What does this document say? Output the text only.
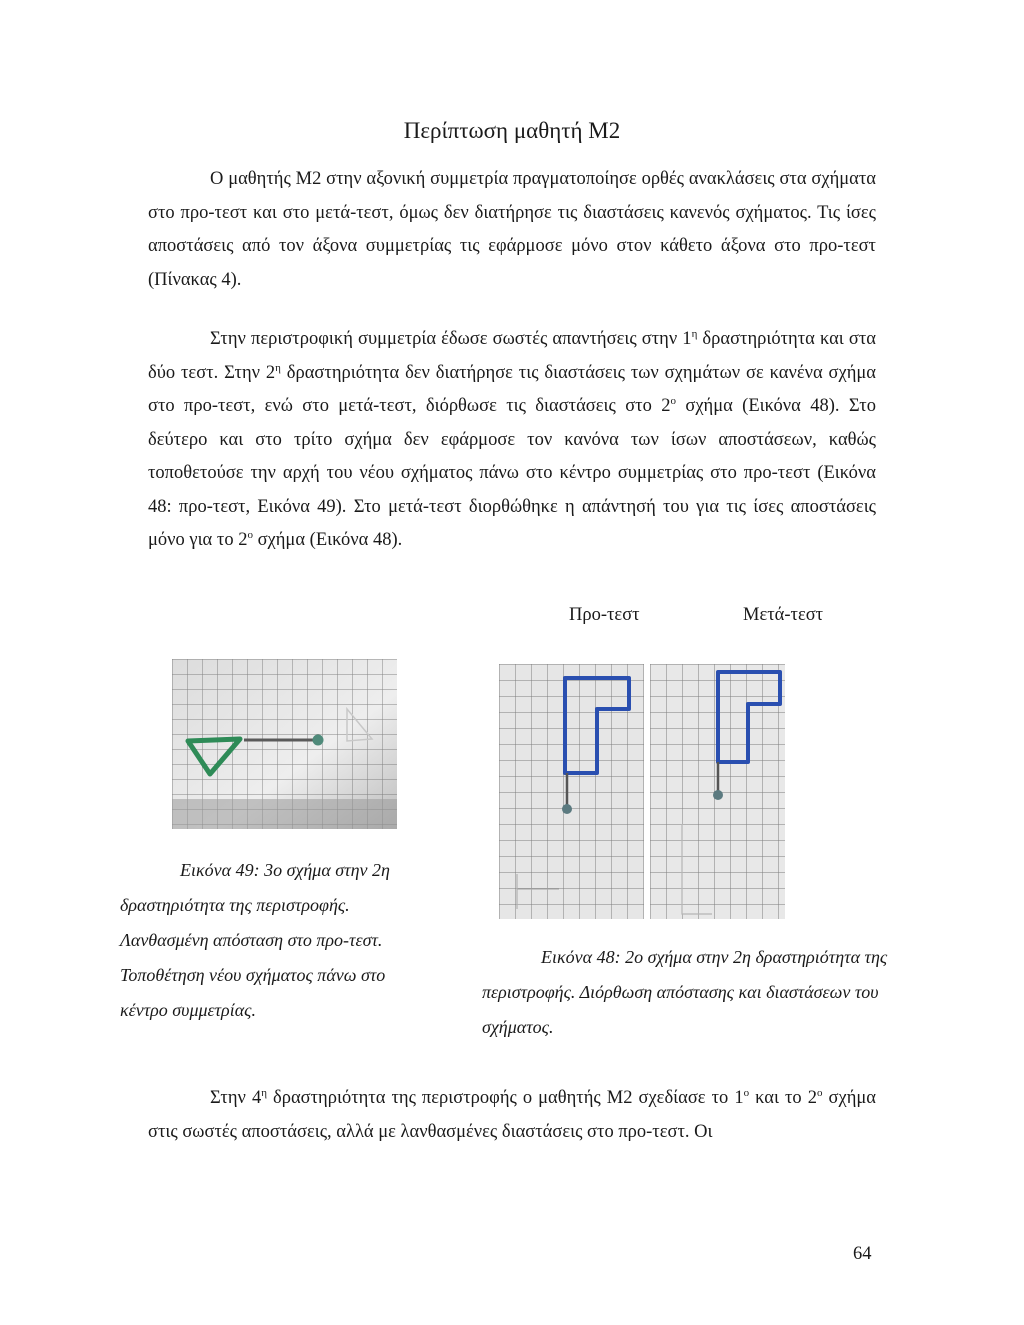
Περίπτωση μαθητή Μ2

Ο μαθητής Μ2 στην αξονική συμμετρία πραγματοποίησε ορθές ανακλάσεις στα σχήματα στο προ-τεστ και στο μετά-τεστ, όμως δεν διατήρησε τις διαστάσεις κανενός σχήματος. Τις ίσες αποστάσεις από τον άξονα συμμετρίας τις εφάρμοσε μόνο στον κάθετο άξονα στο προ-τεστ (Πίνακας 4).

Στην περιστροφική συμμετρία έδωσε σωστές απαντήσεις στην $1^\eta$ δραστηριότητα και στα δύο τεστ. Στην $2^\eta$ δραστηριότητα δεν διατήρησε τις διαστάσεις των σχημάτων σε κανένα σχήμα στο προ-τεστ, ενώ στο μετά-τεστ, διόρθωσε τις διαστάσεις στο $2^o$ σχήμα (Εικόνα 48). Στο δεύτερο και στο τρίτο σχήμα δεν εφάρμοσε τον κανόνα των ίσων αποστάσεων, καθώς τοποθετούσε την αρχή του νέου σχήματος πάνω στο κέντρο συμμετρίας στο προ-τεστ (Εικόνα 48: προ-τεστ, Εικόνα 49). Στο μετά-τεστ διορθώθηκε η απάντησή του για τις ίσες αποστάσεις μόνο για το $2^o$ σχήμα (Εικόνα 48).

Προ-τεστ	Μετά-τεστ
Εικόνα 49: 3ο σχήμα στην 2η
δραστηριότητα της περιστροφής.
Λανθασμένη απόσταση στο προ-τεστ.
Τοποθέτηση νέου σχήματος πάνω στο
κέντρο συμμετρίας.
Εικόνα 48: 2ο σχήμα στην 2η δραστηριότητα της
περιστροφής. Διόρθωση απόστασης και διαστάσεων του
σχήματος.

Στην $4^\eta$ δραστηριότητα της περιστροφής ο μαθητής Μ2 σχεδίασε το $1^o$ και το $2^o$ σχήμα στις σωστές αποστάσεις, αλλά με λανθασμένες διαστάσεις στο προ-τεστ. Οι

64
